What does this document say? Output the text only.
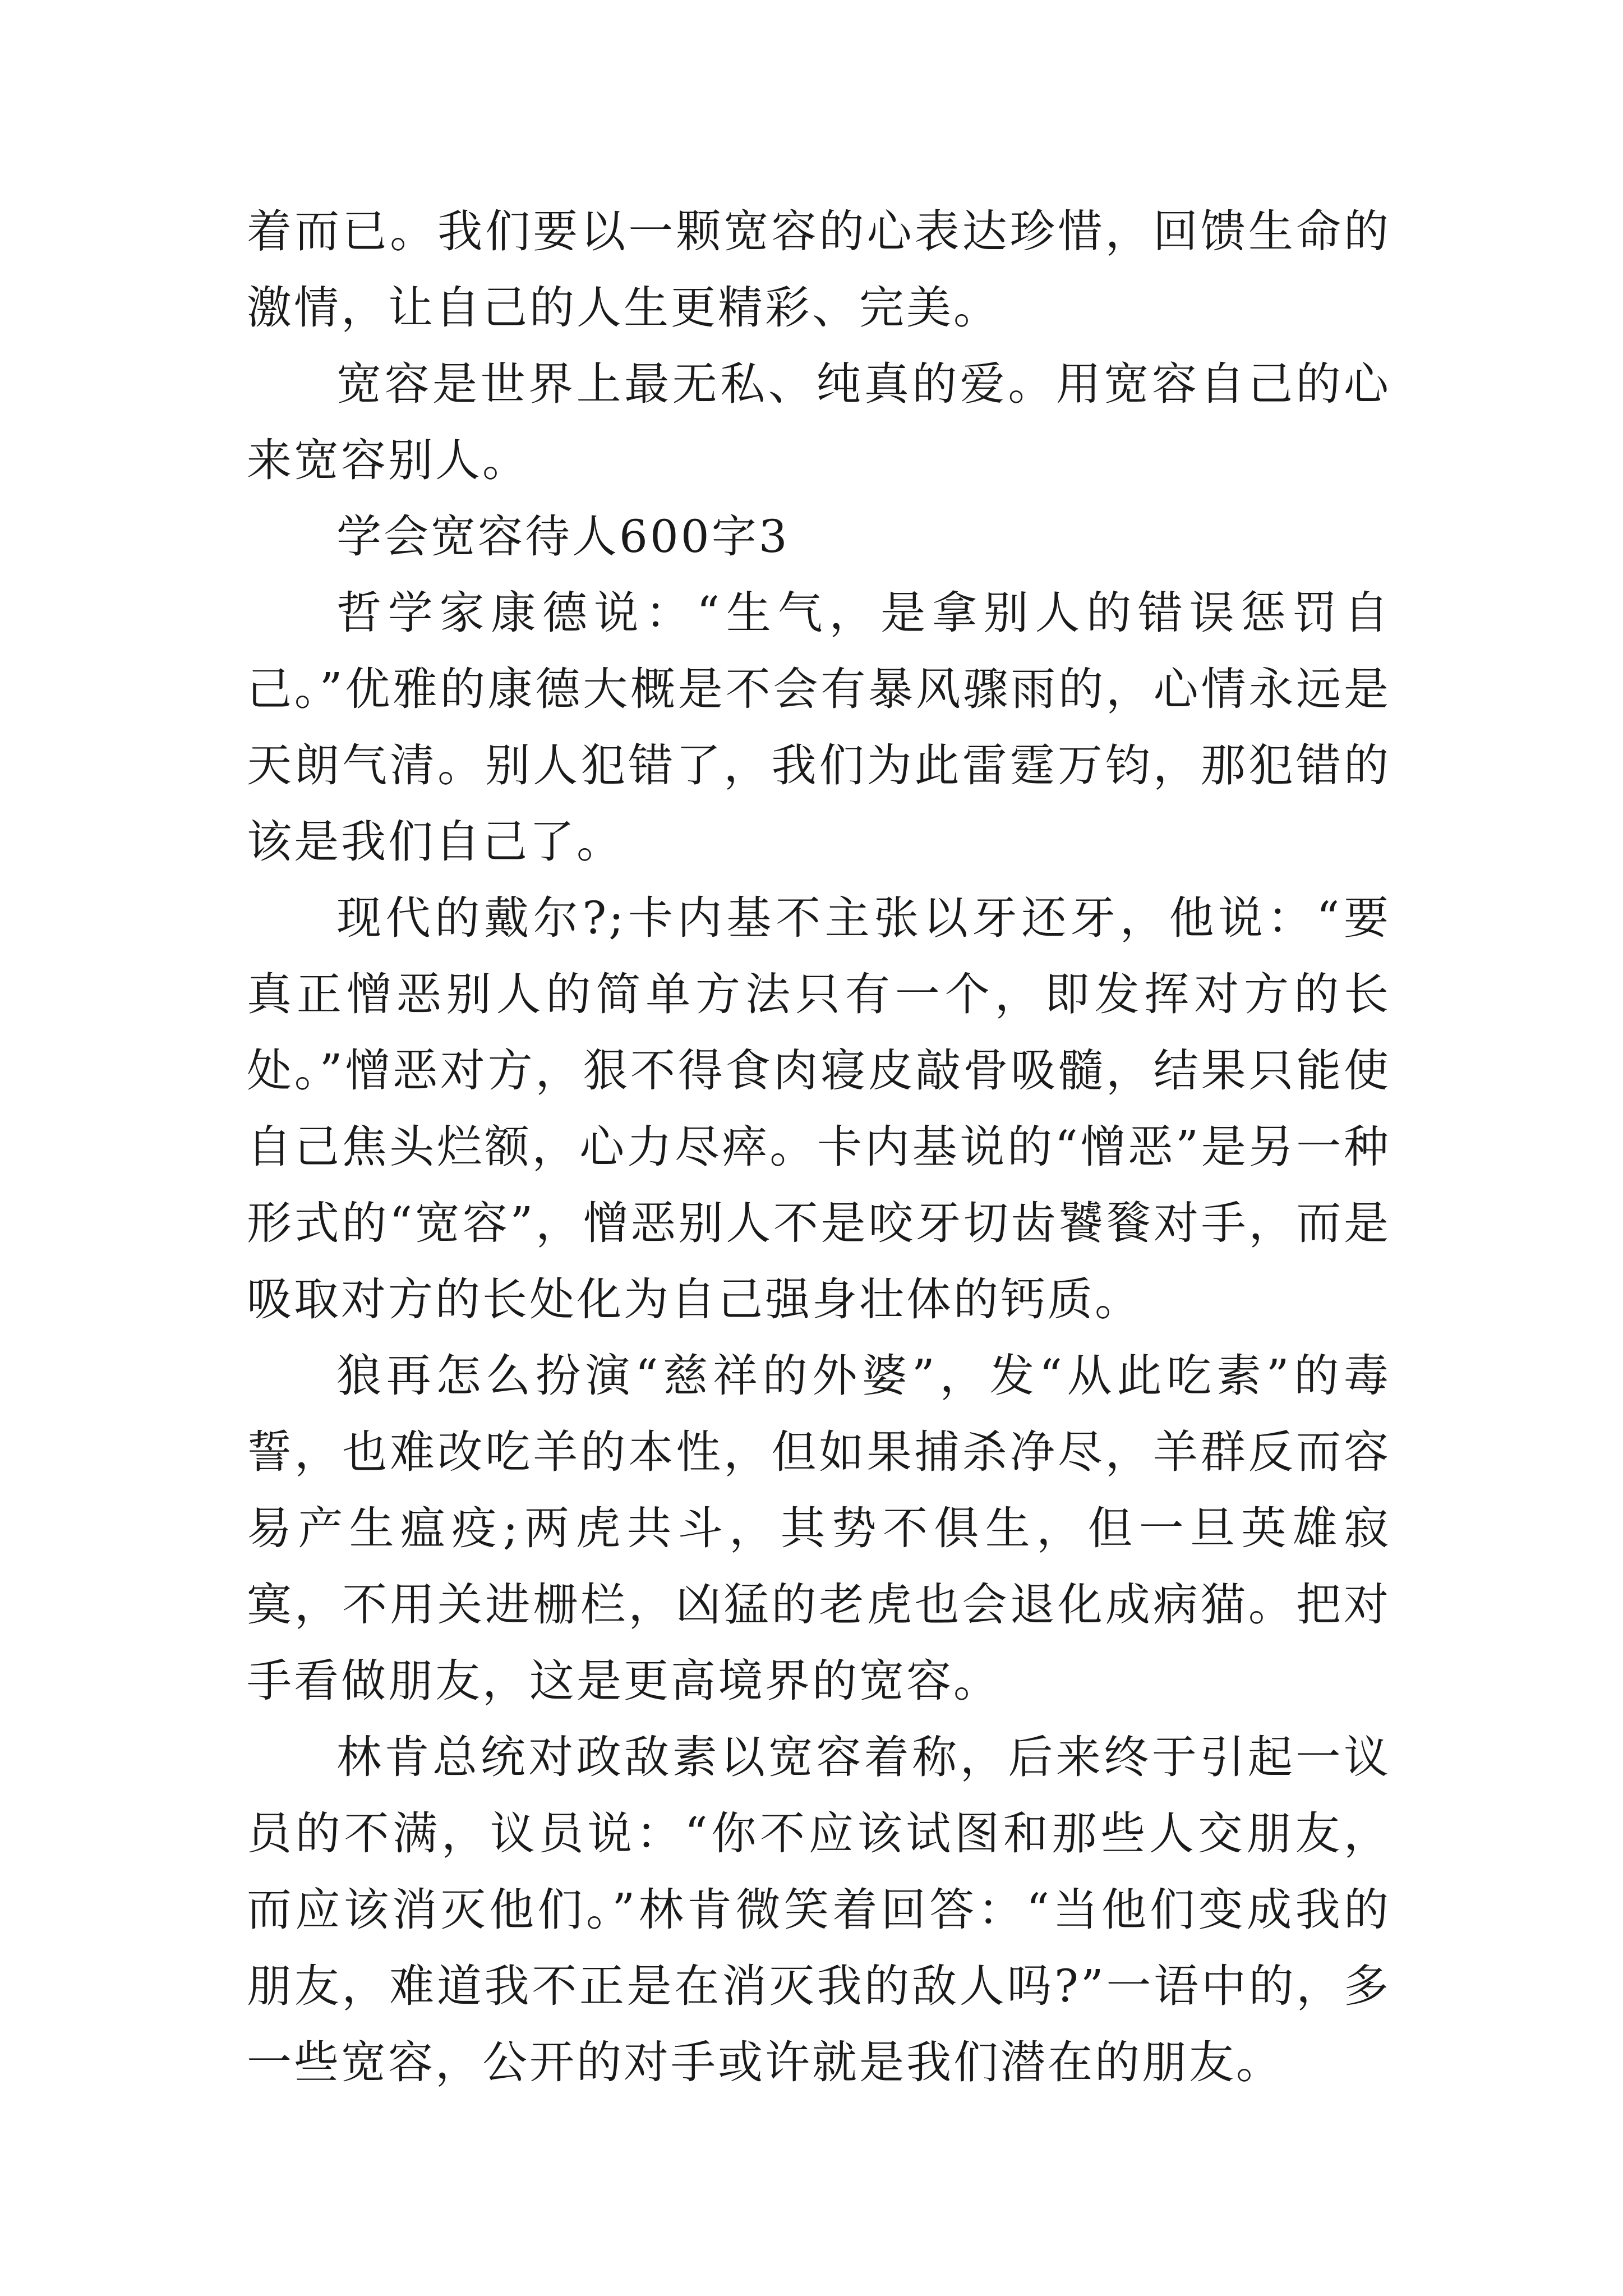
着而已。我们要以一颗宽容的心表达珍惜，回馈生命的激情，让自己的人生更精彩、完美。

宽容是世界上最无私、纯真的爱。用宽容自己的心来宽容别人。

学会宽容待人600字3

哲学家康德说：“生气，是拿别人的错误惩罚自己。”优雅的康德大概是不会有暴风骤雨的，心情永远是天朗气清。别人犯错了，我们为此雷霆万钧，那犯错的该是我们自己了。

现代的戴尔?;卡内基不主张以牙还牙，他说：“要真正憎恶别人的简单方法只有一个，即发挥对方的长处。”憎恶对方，狠不得食肉寝皮敲骨吸髓，结果只能使自己焦头烂额，心力尽瘁。卡内基说的“憎恶”是另一种形式的“宽容”，憎恶别人不是咬牙切齿饕餮对手，而是吸取对方的长处化为自己强身壮体的钙质。

狼再怎么扮演“慈祥的外婆”，发“从此吃素”的毒誓，也难改吃羊的本性，但如果捕杀净尽，羊群反而容易产生瘟疫;两虎共斗，其势不俱生，但一旦英雄寂寞，不用关进栅栏，凶猛的老虎也会退化成病猫。把对手看做朋友，这是更高境界的宽容。

林肯总统对政敌素以宽容着称，后来终于引起一议员的不满，议员说：“你不应该试图和那些人交朋友，而应该消灭他们。”林肯微笑着回答：“当他们变成我的朋友，难道我不正是在消灭我的敌人吗?”一语中的，多一些宽容，公开的对手或许就是我们潜在的朋友。
